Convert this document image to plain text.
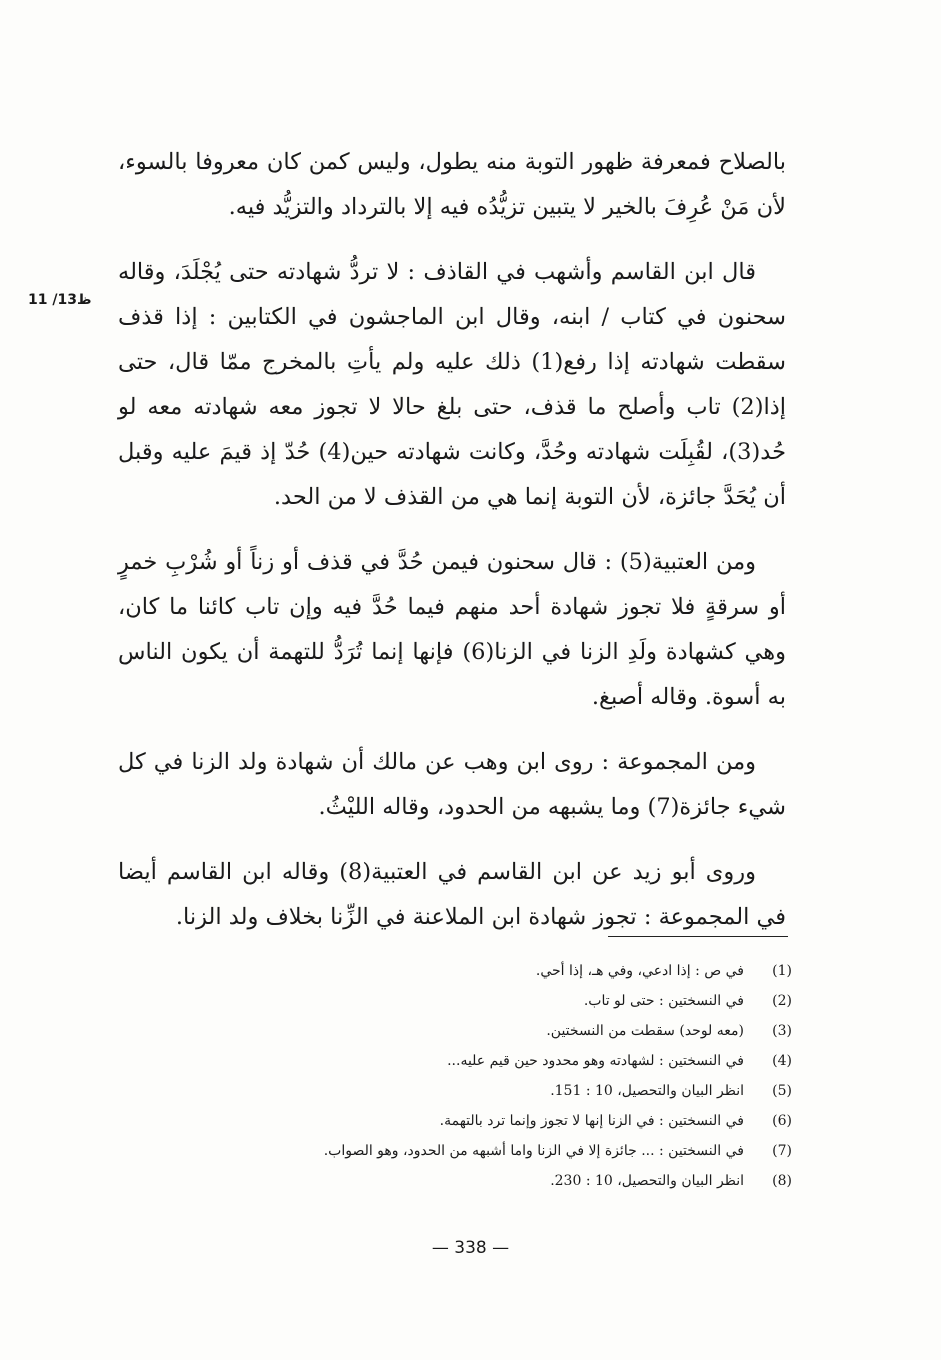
11 /13ظ

بالصلاح فمعرفة ظهور التوبة منه يطول، وليس كمن كان معروفا بالسوء، لأن مَنْ عُرِفَ بالخير لا يتبين تزيُّدُه فيه إلا بالترداد والتزيُّد فيه.

قال ابن القاسم وأشهب في القاذف : لا تردُّ شهادته حتى يُجْلَدَ، وقاله سحنون في كتاب / ابنه، وقال ابن الماجشون في الكتابين : إذا قذف سقطت شهادته إذا رفع(1) ذلك عليه ولم يأتِ بالمخرج ممّا قال، حتى إذا(2) تاب وأصلح ما قذف، حتى بلغ حالا لا تجوز معه شهادته معه لو حُد(3)، لقُبِلَت شهادته وحُدَّ، وكانت شهادته حين(4) حُدّ إذ قيمَ عليه وقبل أن يُحَدَّ جائزة، لأن التوبة إنما هي من القذف لا من الحد.

ومن العتبية(5) : قال سحنون فيمن حُدَّ في قذف أو زناً أو شُرْبِ خمرٍ أو سرقةٍ فلا تجوز شهادة أحد منهم فيما حُدَّ فيه وإن تاب كائنا ما كان، وهي كشهادة ولَدِ الزنا في الزنا(6) فإنها إنما تُرَدُّ للتهمة أن يكون الناس به أسوة. وقاله أصبغ.

ومن المجموعة : روى ابن وهب عن مالك أن شهادة ولد الزنا في كل شيء جائزة(7) وما يشبهه من الحدود، وقاله الليْثُ.

وروى أبو زيد عن ابن القاسم في العتبية(8) وقاله ابن القاسم أيضا في المجموعة : تجوز شهادة ابن الملاعنة في الزِّنا بخلاف ولد الزنا.

(1)
في ص : إذا ادعي، وفي هـ، إذا أحي.
(2)
في النسختين : حتى لو تاب.
(3)
(معه لوحد) سقطت من النسختين.
(4)
في النسختين : لشهادته وهو محدود حين قيم عليه...
(5)
انظر البيان والتحصيل، 10 : 151.
(6)
في النسختين : في الزنا إنها لا تجوز وإنما ترد بالتهمة.
(7)
في النسختين : ... جائزة إلا في الزنا واما أشبهه من الحدود، وهو الصواب.
(8)
انظر البيان والتحصيل، 10 : 230.
— 338 —
